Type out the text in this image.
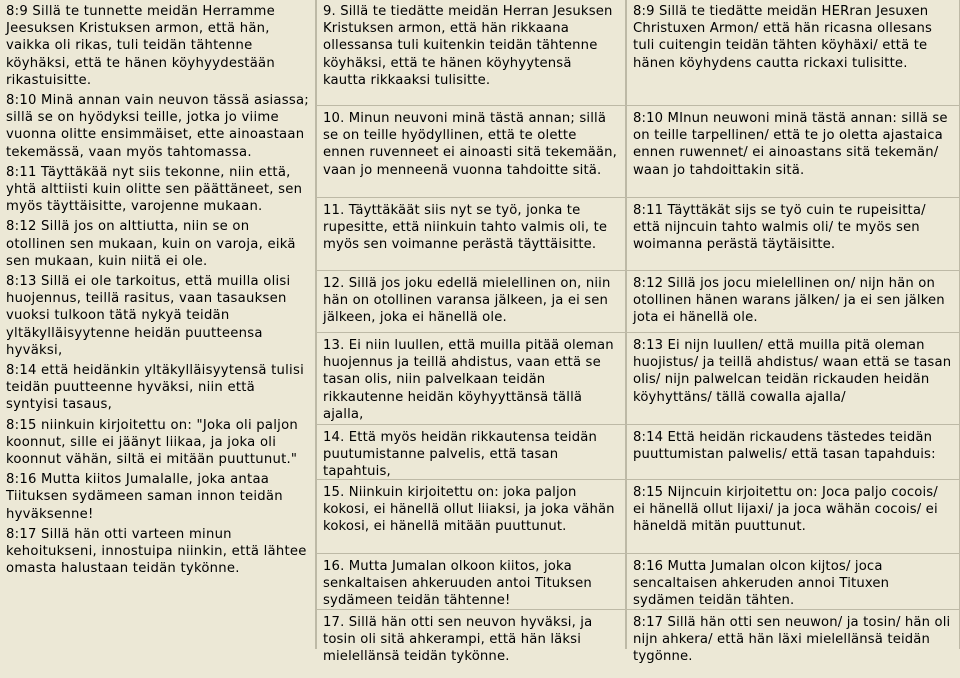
8:9 Sillä te tunnette meidän Herramme Jeesuksen Kristuksen armon, että hän, vaikka oli rikas, tuli teidän tähtenne köyhäksi, että te hänen köyhyydestään rikastuisitte.

8:10 Minä annan vain neuvon tässä asiassa; sillä se on hyödyksi teille, jotka jo viime vuonna olitte ensimmäiset, ette ainoastaan tekemässä, vaan myös tahtomassa.

8:11 Täyttäkää nyt siis tekonne, niin että, yhtä alttiisti kuin olitte sen päättäneet, sen myös täyttäisitte, varojenne mukaan.

8:12 Sillä jos on alttiutta, niin se on otollinen sen mukaan, kuin on varoja, eikä sen mukaan, kuin niitä ei ole.

8:13 Sillä ei ole tarkoitus, että muilla olisi huojennus, teillä rasitus, vaan tasauksen vuoksi tulkoon tätä nykyä teidän yltäkylläisyytenne heidän puutteensa hyväksi,

8:14 että heidänkin yltäkylläisyytensä tulisi teidän puutteenne hyväksi, niin että syntyisi tasaus,

8:15 niinkuin kirjoitettu on: "Joka oli paljon koonnut, sille ei jäänyt liikaa, ja joka oli koonnut vähän, siltä ei mitään puuttunut."

8:16 Mutta kiitos Jumalalle, joka antaa Tiituksen sydämeen saman innon teidän hyväksenne!

8:17 Sillä hän otti varteen minun kehoitukseni, innostuipa niinkin, että lähtee omasta halustaan teidän tykönne.

9. Sillä te tiedätte meidän Herran Jesuksen Kristuksen armon, että hän rikkaana ollessansa tuli kuitenkin teidän tähtenne köyhäksi, että te hänen köyhyytensä kautta rikkaaksi tulisitte.

10. Minun neuvoni minä tästä annan; sillä se on teille hyödyllinen, että te olette ennen ruvenneet ei ainoasti sitä tekemään, vaan jo menneenä vuonna tahdoitte sitä.

11. Täyttäkäät siis nyt se työ, jonka te rupesitte, että niinkuin tahto valmis oli, te myös sen voimanne perästä täyttäisitte.

12. Sillä jos joku edellä mielellinen on, niin hän on otollinen varansa jälkeen, ja ei sen jälkeen, joka ei hänellä ole.

13. Ei niin luullen, että muilla pitää oleman huojennus ja teillä ahdistus, vaan että se tasan olis, niin palvelkaan teidän rikkautenne heidän köyhyyttänsä tällä ajalla,

14. Että myös heidän rikkautensa teidän puutumistanne palvelis, että tasan tapahtuis,

15. Niinkuin kirjoitettu on: joka paljon kokosi, ei hänellä ollut liiaksi, ja joka vähän kokosi, ei hänellä mitään puuttunut.

16. Mutta Jumalan olkoon kiitos, joka senkaltaisen ahkeruuden antoi Tituksen sydämeen teidän tähtenne!

17. Sillä hän otti sen neuvon hyväksi, ja tosin oli sitä ahkerampi, että hän läksi mielellänsä teidän tykönne.

8:9 Sillä te tiedätte meidän HERran Jesuxen Christuxen Armon/ että hän ricasna ollesans tuli cuitengin teidän tähten köyhäxi/ että te hänen köyhydens cautta rickaxi tulisitte.

8:10 MInun neuwoni minä tästä annan: sillä se on teille tarpellinen/ että te jo oletta ajastaica ennen ruwennet/ ei ainoastans sitä tekemän/ waan jo tahdoittakin sitä.

8:11 Täyttäkät sijs se työ cuin te rupeisitta/ että nijncuin tahto walmis oli/ te myös sen woimanna perästä täytäisitte.

8:12 Sillä jos jocu mielellinen on/ nijn hän on otollinen hänen warans jälken/ ja ei sen jälken jota ei hänellä ole.

8:13 Ei nijn luullen/ että muilla pitä oleman huojistus/ ja teillä ahdistus/ waan että se tasan olis/ nijn palwelcan teidän rickauden heidän köyhyttäns/ tällä cowalla ajalla/

8:14 Että heidän rickaudens tästedes teidän puuttumistan palwelis/ että tasan tapahduis:

8:15 Nijncuin kirjoitettu on: Joca paljo cocois/ ei hänellä ollut lijaxi/ ja joca wähän cocois/ ei häneldä mitän puuttunut.

8:16 Mutta Jumalan olcon kijtos/ joca sencaltaisen ahkeruden annoi Tituxen sydämen teidän tähten.

8:17 Sillä hän otti sen neuwon/ ja tosin/ hän oli nijn ahkera/ että hän läxi mielellänsä teidän tygönne.
